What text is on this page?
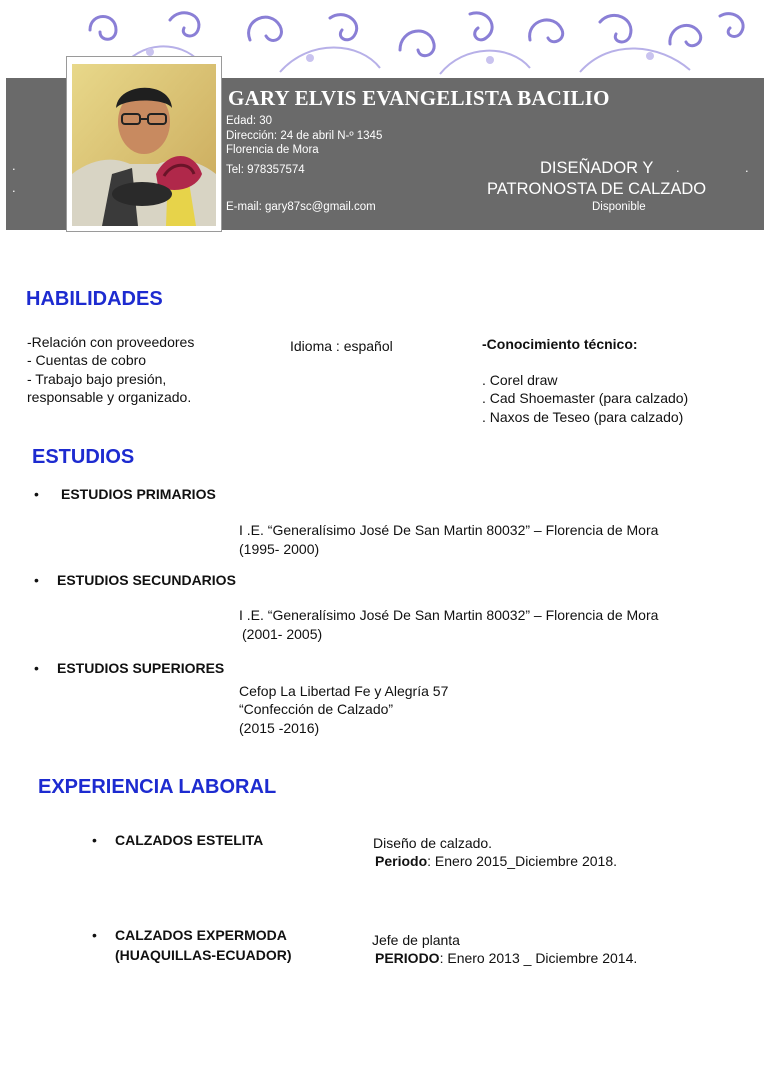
GARY ELVIS EVANGELISTA BACILIO
Edad: 30
Dirección: 24 de abril N-º 1345
Florencia de Mora
Tel: 978357574
E-mail: gary87sc@gmail.com
.
.
.	.
DISEÑADOR Y
PATRONOSTA DE CALZADO
Disponible
HABILIDADES
-Relación con proveedores
- Cuentas de cobro
- Trabajo bajo presión,
responsable y organizado.
Idioma : español	-Conocimiento técnico:
. Corel draw
. Cad Shoemaster (para calzado)
. Naxos de Teseo (para calzado)
ESTUDIOS
• ESTUDIOS PRIMARIOS
I .E. “Generalísimo José De San Martin 80032” – Florencia de Mora
(1995- 2000)
• ESTUDIOS SECUNDARIOS
I .E. “Generalísimo José De San Martin 80032” – Florencia de Mora
(2001- 2005)
• ESTUDIOS SUPERIORES
Cefop La Libertad Fe y Alegría 57
“Confección de Calzado”
(2015 -2016)
EXPERIENCIA LABORAL
• CALZADOS ESTELITA	Diseño de calzado.
Periodo: Enero 2015_Diciembre 2018.
• CALZADOS EXPERMODA
(HUAQUILLAS-ECUADOR)
Jefe de planta
PERIODO: Enero 2013 _ Diciembre 2014.
